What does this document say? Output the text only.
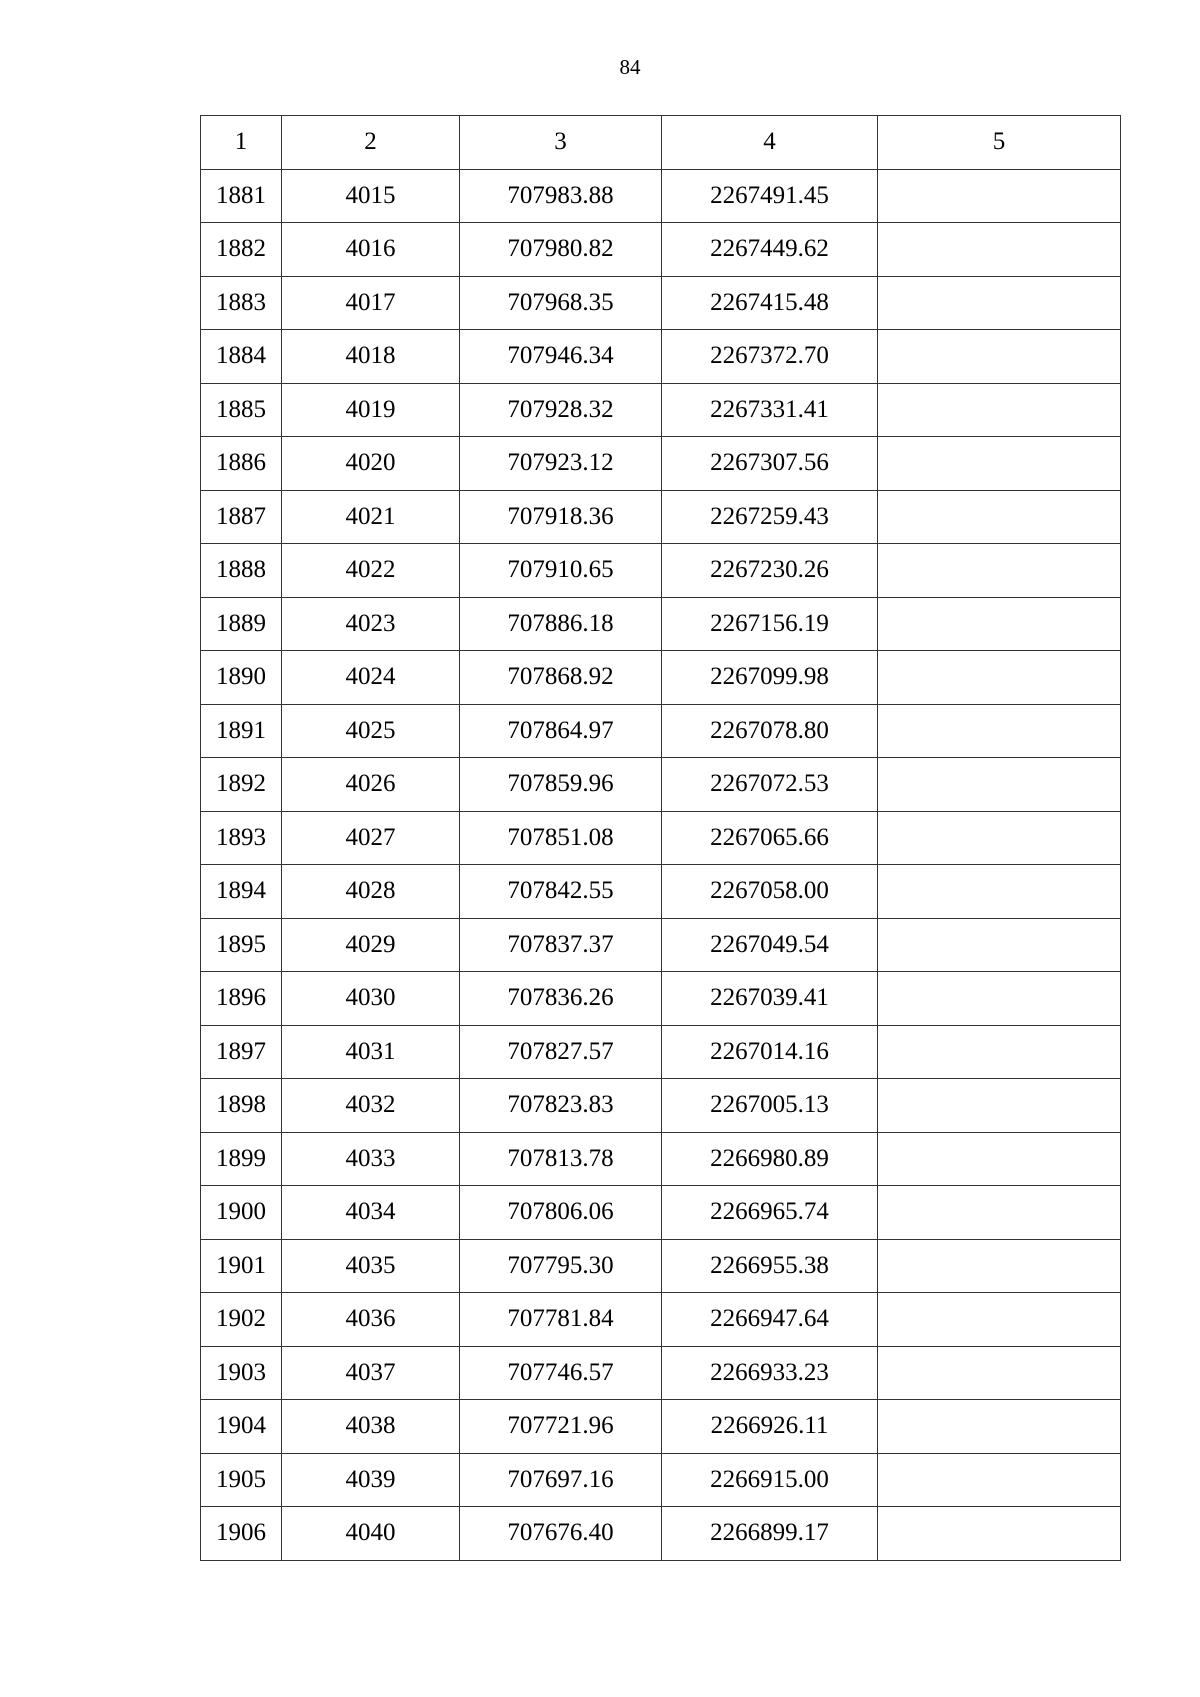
84
1	2	3	4	5
1881	4015	707983.88	2267491.45	
1882	4016	707980.82	2267449.62	
1883	4017	707968.35	2267415.48	
1884	4018	707946.34	2267372.70	
1885	4019	707928.32	2267331.41	
1886	4020	707923.12	2267307.56	
1887	4021	707918.36	2267259.43	
1888	4022	707910.65	2267230.26	
1889	4023	707886.18	2267156.19	
1890	4024	707868.92	2267099.98	
1891	4025	707864.97	2267078.80	
1892	4026	707859.96	2267072.53	
1893	4027	707851.08	2267065.66	
1894	4028	707842.55	2267058.00	
1895	4029	707837.37	2267049.54	
1896	4030	707836.26	2267039.41	
1897	4031	707827.57	2267014.16	
1898	4032	707823.83	2267005.13	
1899	4033	707813.78	2266980.89	
1900	4034	707806.06	2266965.74	
1901	4035	707795.30	2266955.38	
1902	4036	707781.84	2266947.64	
1903	4037	707746.57	2266933.23	
1904	4038	707721.96	2266926.11	
1905	4039	707697.16	2266915.00	
1906	4040	707676.40	2266899.17	
